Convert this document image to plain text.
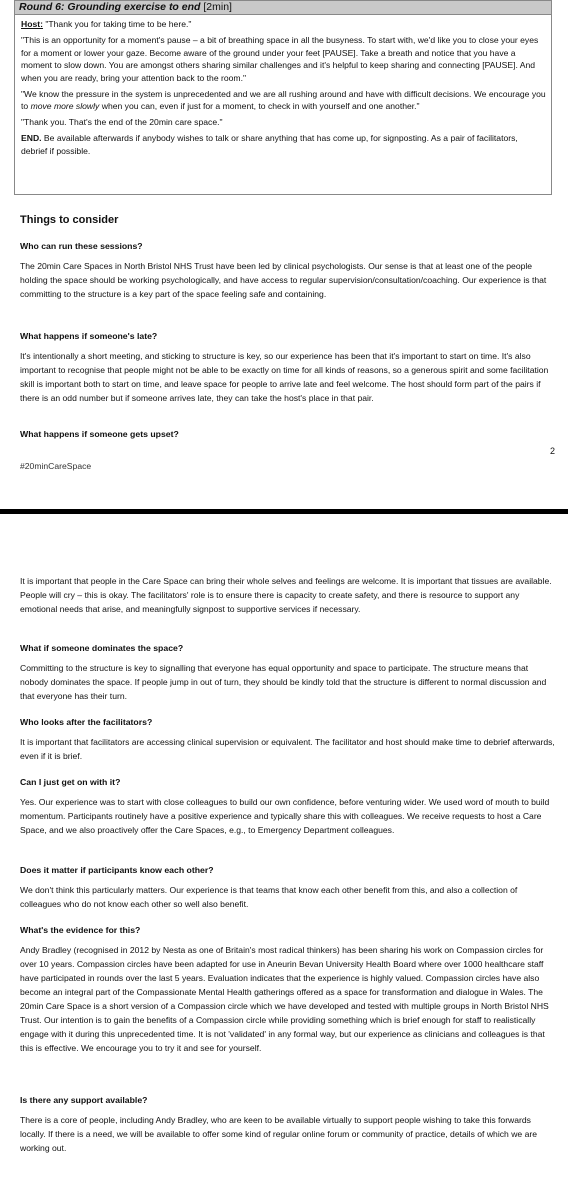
Round 6: Grounding exercise to end [2min]

Host: "Thank you for taking time to be here."

"This is an opportunity for a moment's pause – a bit of breathing space in all the busyness. To start with, we'd like you to close your eyes for a moment or lower your gaze. Become aware of the ground under your feet [PAUSE]. Take a breath and notice that you have a moment to slow down. You are amongst others sharing similar challenges and it's helpful to keep sharing and connecting [PAUSE]. And when you are ready, bring your attention back to the room."

"We know the pressure in the system is unprecedented and we are all rushing around and have with difficult decisions. We encourage you to move more slowly when you can, even if just for a moment, to check in with yourself and one another."

"Thank you. That's the end of the 20min care space."

END. Be available afterwards if anybody wishes to talk or share anything that has come up, for signposting. As a pair of facilitators, debrief if possible.

Things to consider

Who can run these sessions?

The 20min Care Spaces in North Bristol NHS Trust have been led by clinical psychologists. Our sense is that at least one of the people holding the space should be working psychologically, and have access to regular supervision/consultation/coaching. Our experience is that committing to the structure is a key part of the space feeling safe and containing.

What happens if someone's late?

It's intentionally a short meeting, and sticking to structure is key, so our experience has been that it's important to start on time. It's also important to recognise that people might not be able to be exactly on time for all kinds of reasons, so a generous spirit and some facilitation skill is important both to start on time, and leave space for people to arrive late and feel welcome. The host should form part of the pairs if there is an odd number but if someone arrives late, they can take the host's place in that pair.

What happens if someone gets upset?

2
#20minCareSpace

It is important that people in the Care Space can bring their whole selves and feelings are welcome. It is important that tissues are available. People will cry – this is okay. The facilitators' role is to ensure there is capacity to create safety, and there is resource to support any emotional needs that arise, and meaningfully signpost to supportive services if necessary.

What if someone dominates the space?

Committing to the structure is key to signalling that everyone has equal opportunity and space to participate. The structure means that nobody dominates the space. If people jump in out of turn, they should be kindly told that the structure is different to normal discussion and that everyone has their turn.

Who looks after the facilitators?

It is important that facilitators are accessing clinical supervision or equivalent. The facilitator and host should make time to debrief afterwards, even if it is brief.

Can I just get on with it?

Yes. Our experience was to start with close colleagues to build our own confidence, before venturing wider. We used word of mouth to build momentum. Participants routinely have a positive experience and typically share this with colleagues. We receive requests to host a Care Space, and we also proactively offer the Care Spaces, e.g., to Emergency Department colleagues.

Does it matter if participants know each other?

We don't think this particularly matters. Our experience is that teams that know each other benefit from this, and also a collection of colleagues who do not know each other so well also benefit.

What's the evidence for this?

Andy Bradley (recognised in 2012 by Nesta as one of Britain's most radical thinkers) has been sharing his work on Compassion circles for over 10 years. Compassion circles have been adapted for use in Aneurin Bevan University Health Board where over 1000 healthcare staff have participated in rounds over the last 5 years. Evaluation indicates that the experience is highly valued. Compassion circles have also become an integral part of the Compassionate Mental Health gatherings offered as a space for transformation and dialogue in Wales. The 20min Care Space is a short version of a Compassion circle which we have developed and tested with multiple groups in North Bristol NHS Trust. Our intention is to gain the benefits of a Compassion circle while providing something which is brief enough for staff to realistically engage with it during this unprecedented time. It is not 'validated' in any formal way, but our experience as clinicians and colleagues is that this is effective. We encourage you to try it and see for yourself.

Is there any support available?

There is a core of people, including Andy Bradley, who are keen to be available virtually to support people wishing to take this forwards locally. If there is a need, we will be available to offer some kind of regular online forum or community of practice, details of which we are working out.
